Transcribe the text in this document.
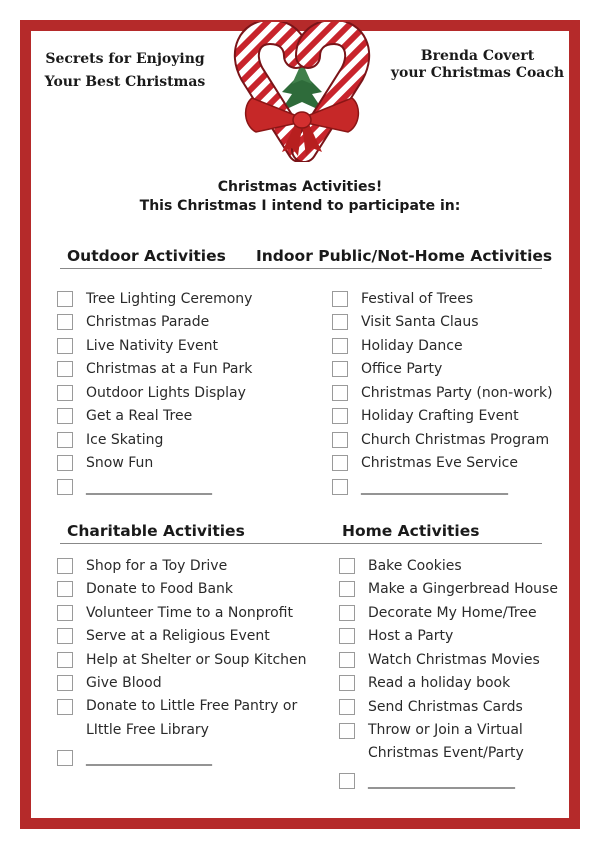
Secrets for Enjoying
Your Best Christmas
Brenda Covert
your Christmas Coach
Christmas Activities!
This Christmas I intend to participate in:
Outdoor Activities Indoor Public/Not-Home Activities
Tree Lighting Ceremony
Christmas Parade
Live Nativity Event
Christmas at a Fun Park
Outdoor Lights Display
Get a Real Tree
Ice Skating
Snow Fun
__________________
Festival of Trees
Visit Santa Claus
Holiday Dance
Office Party
Christmas Party (non-work)
Holiday Crafting Event
Church Christmas Program
Christmas Eve Service
_____________________
Charitable Activities	Home Activities
Shop for a Toy Drive
Donate to Food Bank
Volunteer Time to a Nonprofit
Serve at a Religious Event
Help at Shelter or Soup Kitchen
Give Blood
Donate to Little Free Pantry or LIttle Free Library
__________________
Bake Cookies
Make a Gingerbread House
Decorate My Home/Tree
Host a Party
Watch Christmas Movies
Read a holiday book
Send Christmas Cards
Throw or Join a Virtual Christmas Event/Party
_____________________
